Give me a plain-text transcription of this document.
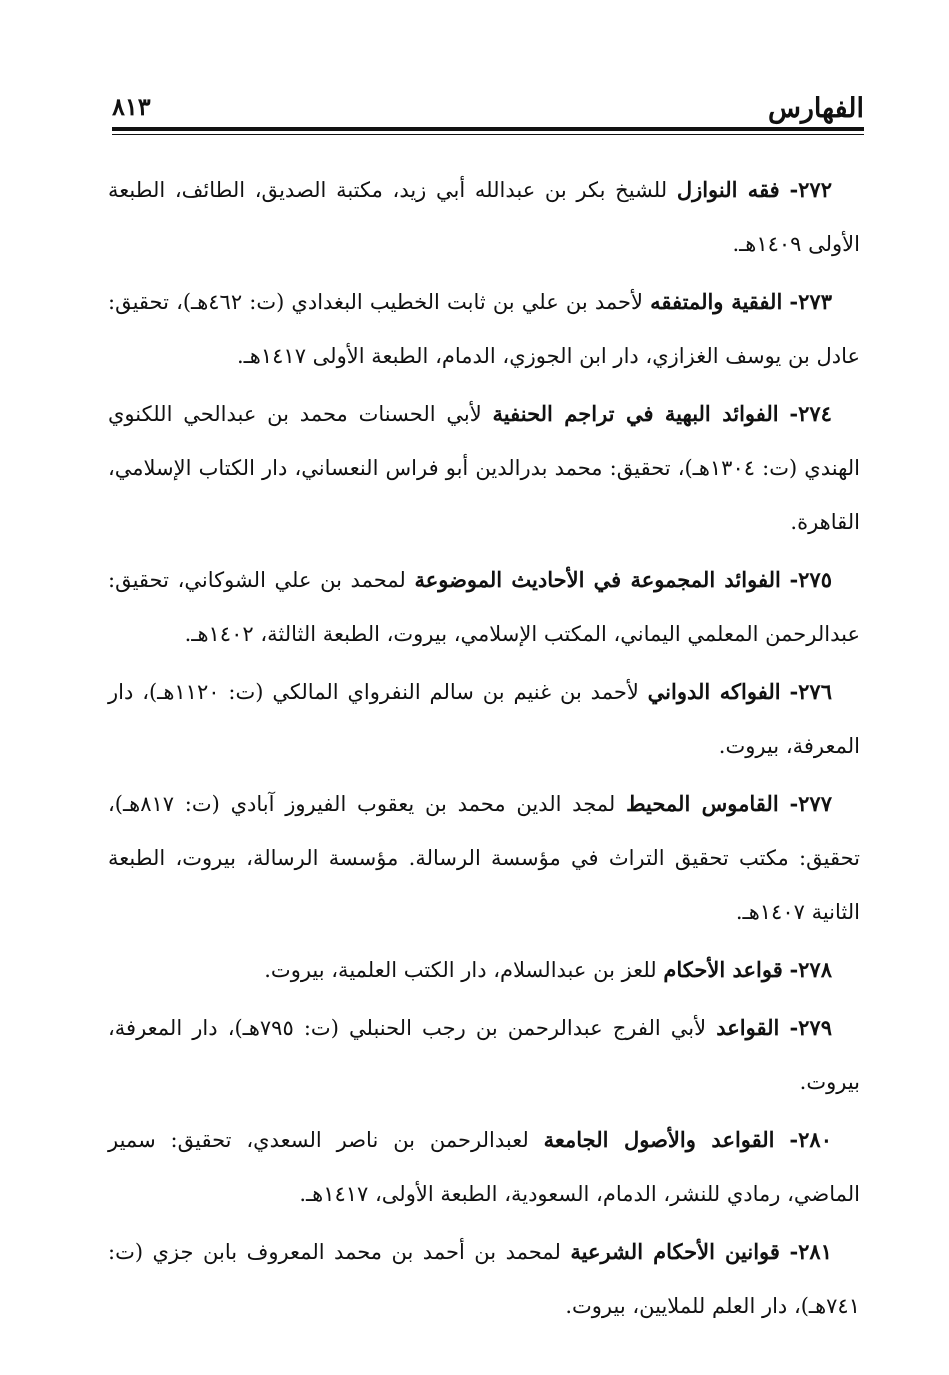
الفهارس
٨١٣

٢٧٢- فقه النوازل للشيخ بكر بن عبدالله أبي زيد، مكتبة الصديق، الطائف، الطبعة الأولى ١٤٠٩هـ.

٢٧٣- الفقية والمتفقه لأحمد بن علي بن ثابت الخطيب البغدادي (ت: ٤٦٢هـ)، تحقيق: عادل بن يوسف الغزازي، دار ابن الجوزي، الدمام، الطبعة الأولى ١٤١٧هـ.

٢٧٤- الفوائد البهية في تراجم الحنفية لأبي الحسنات محمد بن عبدالحي اللكنوي الهندي (ت: ١٣٠٤هـ)، تحقيق: محمد بدرالدين أبو فراس النعساني، دار الكتاب الإسلامي، القاهرة.

٢٧٥- الفوائد المجموعة في الأحاديث الموضوعة لمحمد بن علي الشوكاني، تحقيق: عبدالرحمن المعلمي اليماني، المكتب الإسلامي، بيروت، الطبعة الثالثة، ١٤٠٢هـ.

٢٧٦- الفواكه الدواني لأحمد بن غنيم بن سالم النفرواي المالكي (ت: ١١٢٠هـ)، دار المعرفة، بيروت.

٢٧٧- القاموس المحيط لمجد الدين محمد بن يعقوب الفيروز آبادي (ت: ٨١٧هـ)، تحقيق: مكتب تحقيق التراث في مؤسسة الرسالة. مؤسسة الرسالة، بيروت، الطبعة الثانية ١٤٠٧هـ.

٢٧٨- قواعد الأحكام للعز بن عبدالسلام، دار الكتب العلمية، بيروت.

٢٧٩- القواعد لأبي الفرج عبدالرحمن بن رجب الحنبلي (ت: ٧٩٥هـ)، دار المعرفة، بيروت.

٢٨٠- القواعد والأصول الجامعة لعبدالرحمن بن ناصر السعدي، تحقيق: سمير الماضي، رمادي للنشر، الدمام، السعودية، الطبعة الأولى، ١٤١٧هـ.

٢٨١- قوانين الأحكام الشرعية لمحمد بن أحمد بن محمد المعروف بابن جزي (ت: ٧٤١هـ)، دار العلم للملايين، بيروت.
